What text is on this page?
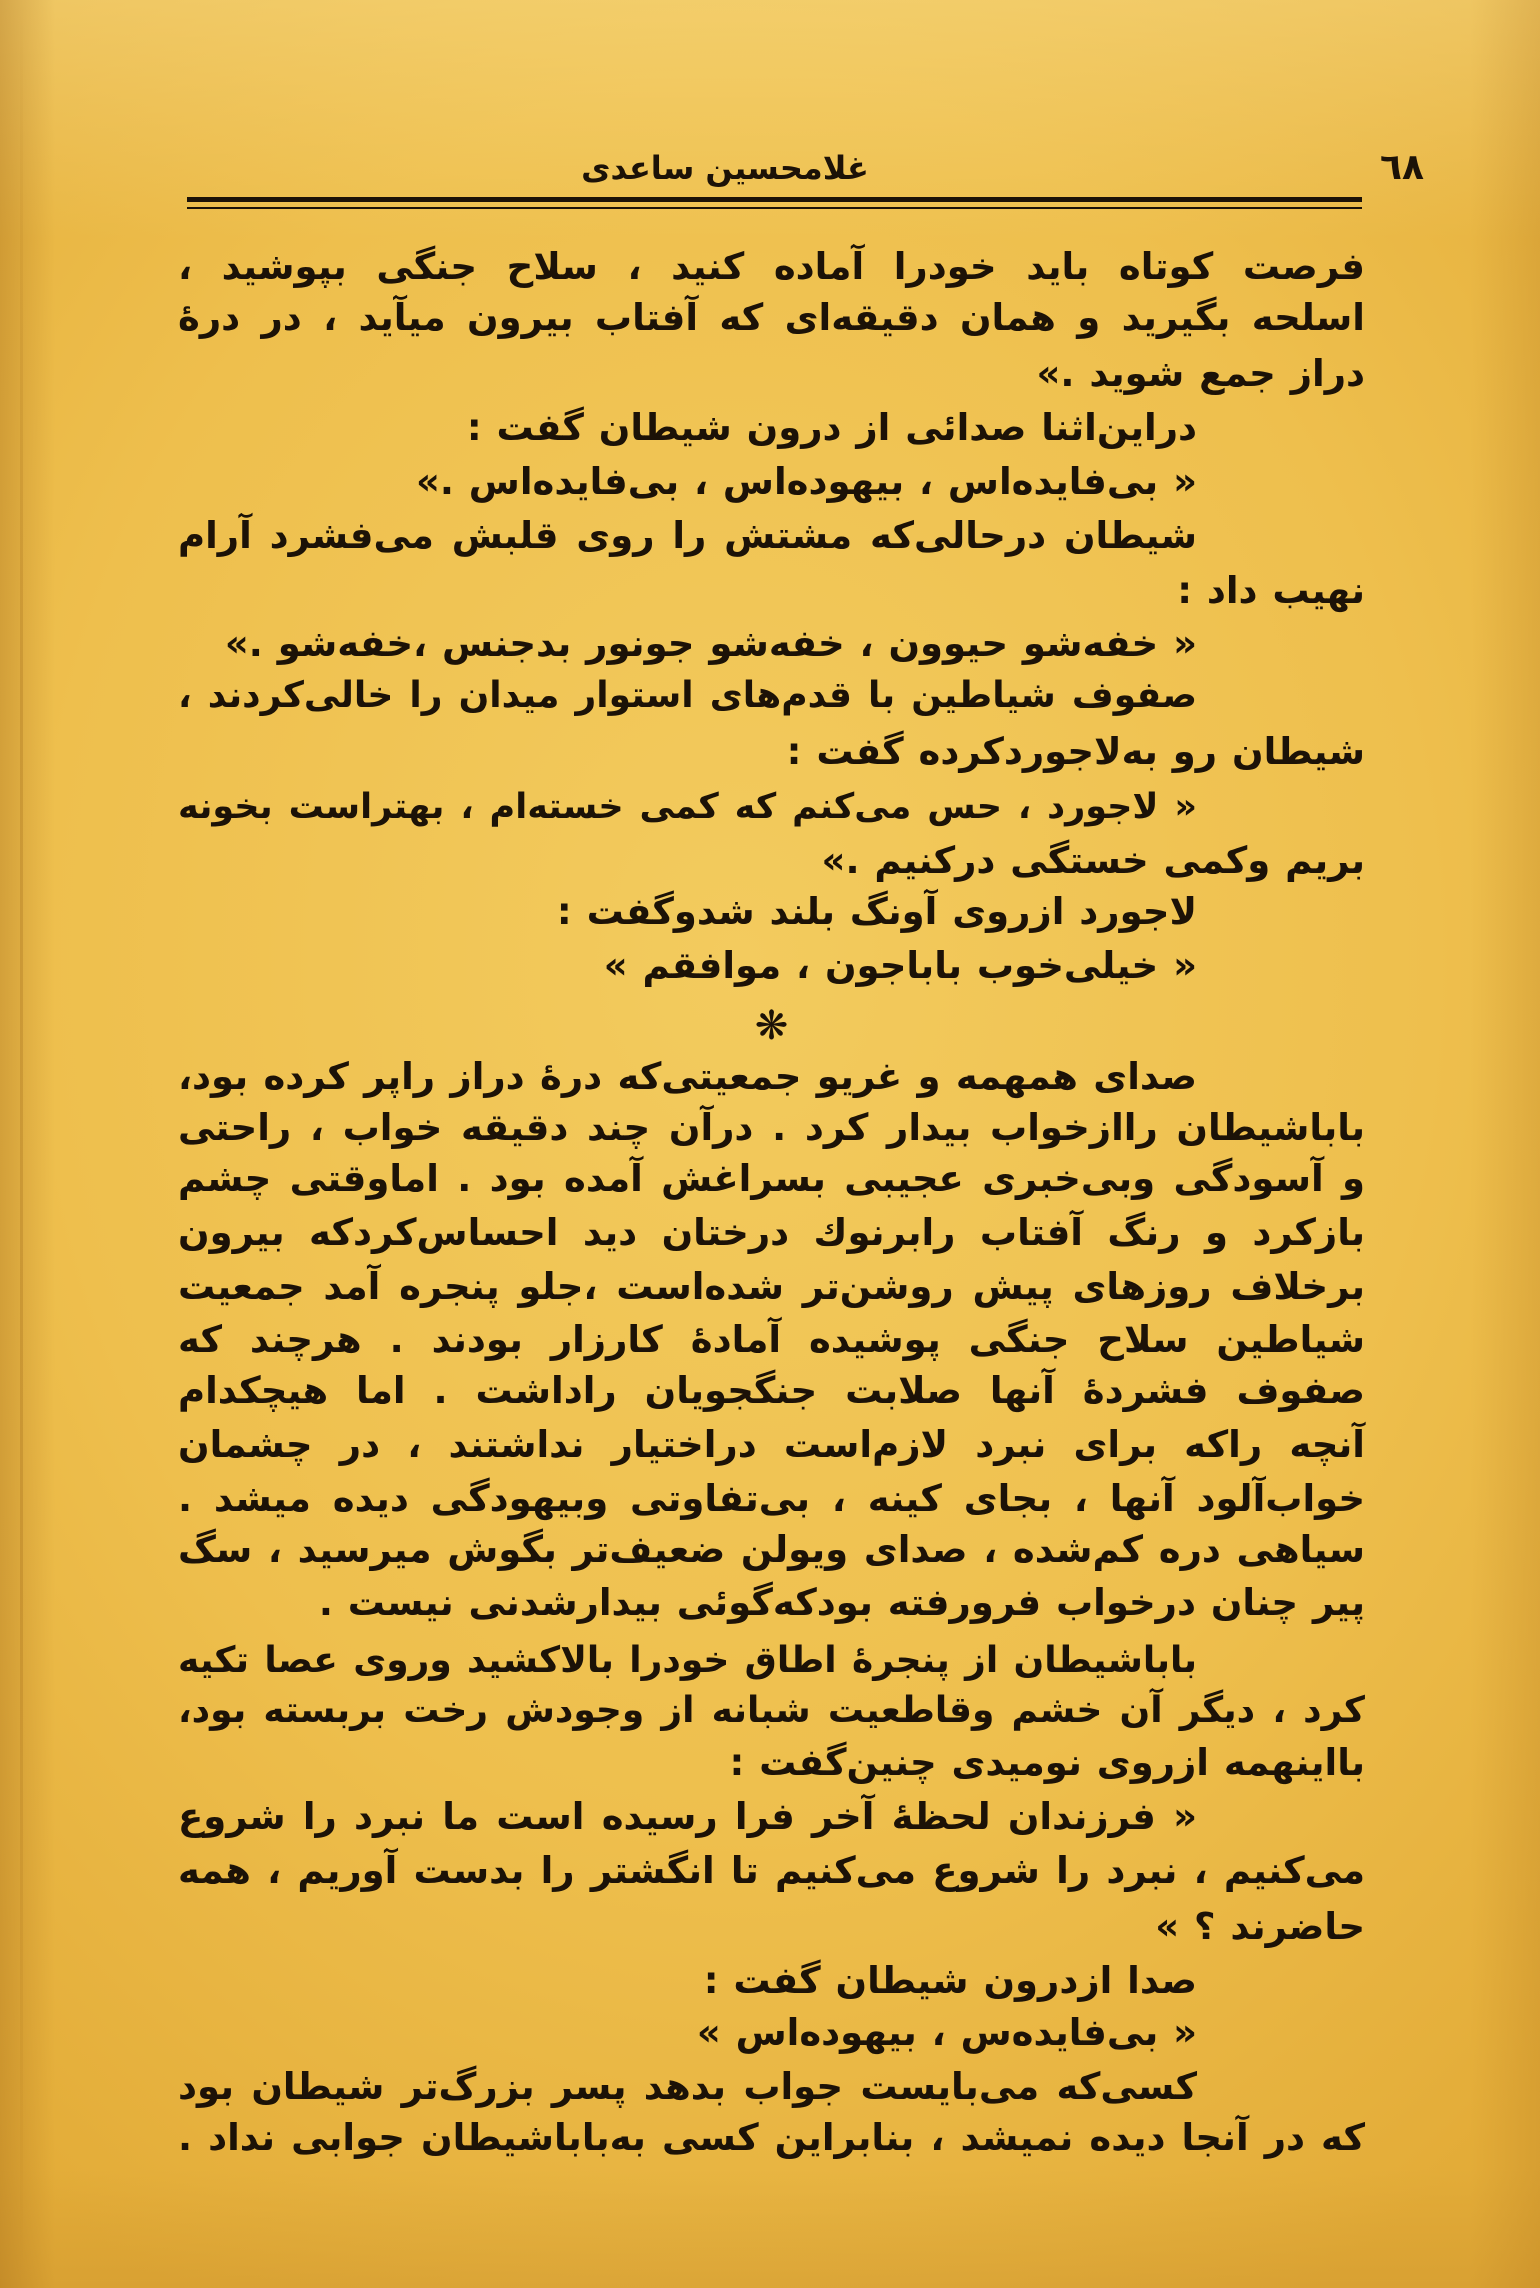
٦٨
غلامحسین ساعدی
فرصت کوتاه باید خودرا آماده کنید ، سلاح جنگی بپوشید ،
اسلحه بگیرید و همان دقیقه‌ای که آفتاب بیرون میآید ، در درهٔ
دراز جمع شوید .»
دراین‌اثنا صدائی از درون شیطان گفت :
« بی‌فایده‌اس ، بیهوده‌اس ، بی‌فایده‌اس .»
شیطان درحالی‌که مشتش را روی قلبش می‌فشرد آرام
نهیب داد :
« خفه‌شو حیوون ، خفه‌شو جونور بدجنس ،خفه‌شو .»
صفوف شیاطین با قدم‌های استوار میدان را خالی‌کردند ،
شیطان رو به‌لاجوردکرده گفت :
« لاجورد ، حس می‌کنم که کمی خسته‌ام ، بهتراست بخونه
بریم وکمی خستگی درکنیم .»
لاجورد ازروی آونگ بلند شدوگفت :
« خیلی‌خوب باباجون ، موافقم »
❋
صدای همهمه و غریو جمعیتی‌که درهٔ دراز راپر کرده بود،
باباشیطان راازخواب بیدار کرد . درآن چند دقیقه خواب ، راحتی
و آسودگی وبی‌خبری عجیبی بسراغش آمده بود . اماوقتی چشم
بازکرد و رنگ آفتاب رابرنوك درختان دید احساس‌کردکه بیرون
برخلاف روزهای پیش روشن‌تر شده‌است ،جلو پنجره آمد جمعیت
شیاطین سلاح جنگی پوشیده آمادهٔ کارزار بودند . هرچند که
صفوف فشردهٔ آنها صلابت جنگجویان راداشت . اما هیچکدام
آنچه راکه برای نبرد لازم‌است دراختیار نداشتند ، در چشمان
خواب‌آلود آنها ، بجای کینه ، بی‌تفاوتی وبیهودگی دیده میشد .
سیاهی دره کم‌شده ، صدای ویولن ضعیف‌تر بگوش میرسید ، سگ
پیر چنان درخواب فرورفته بودکه‌گوئی بیدارشدنی نیست .
باباشیطان از پنجرهٔ اطاق خودرا بالاکشید وروی عصا تکیه
کرد ، دیگر آن خشم وقاطعیت شبانه از وجودش رخت بربسته بود،
بااینهمه ازروی نومیدی چنین‌گفت :
« فرزندان لحظهٔ آخر فرا رسیده است ما نبرد را شروع
می‌کنیم ، نبرد را شروع می‌کنیم تا انگشتر را بدست آوریم ، همه
حاضرند ؟ »
صدا ازدرون شیطان گفت :
« بی‌فایده‌س ، بیهوده‌اس »
کسی‌که می‌بایست جواب بدهد پسر بزرگ‌تر شیطان بود
که در آنجا دیده نمیشد ، بنابراین کسی به‌باباشیطان جوابی نداد .
